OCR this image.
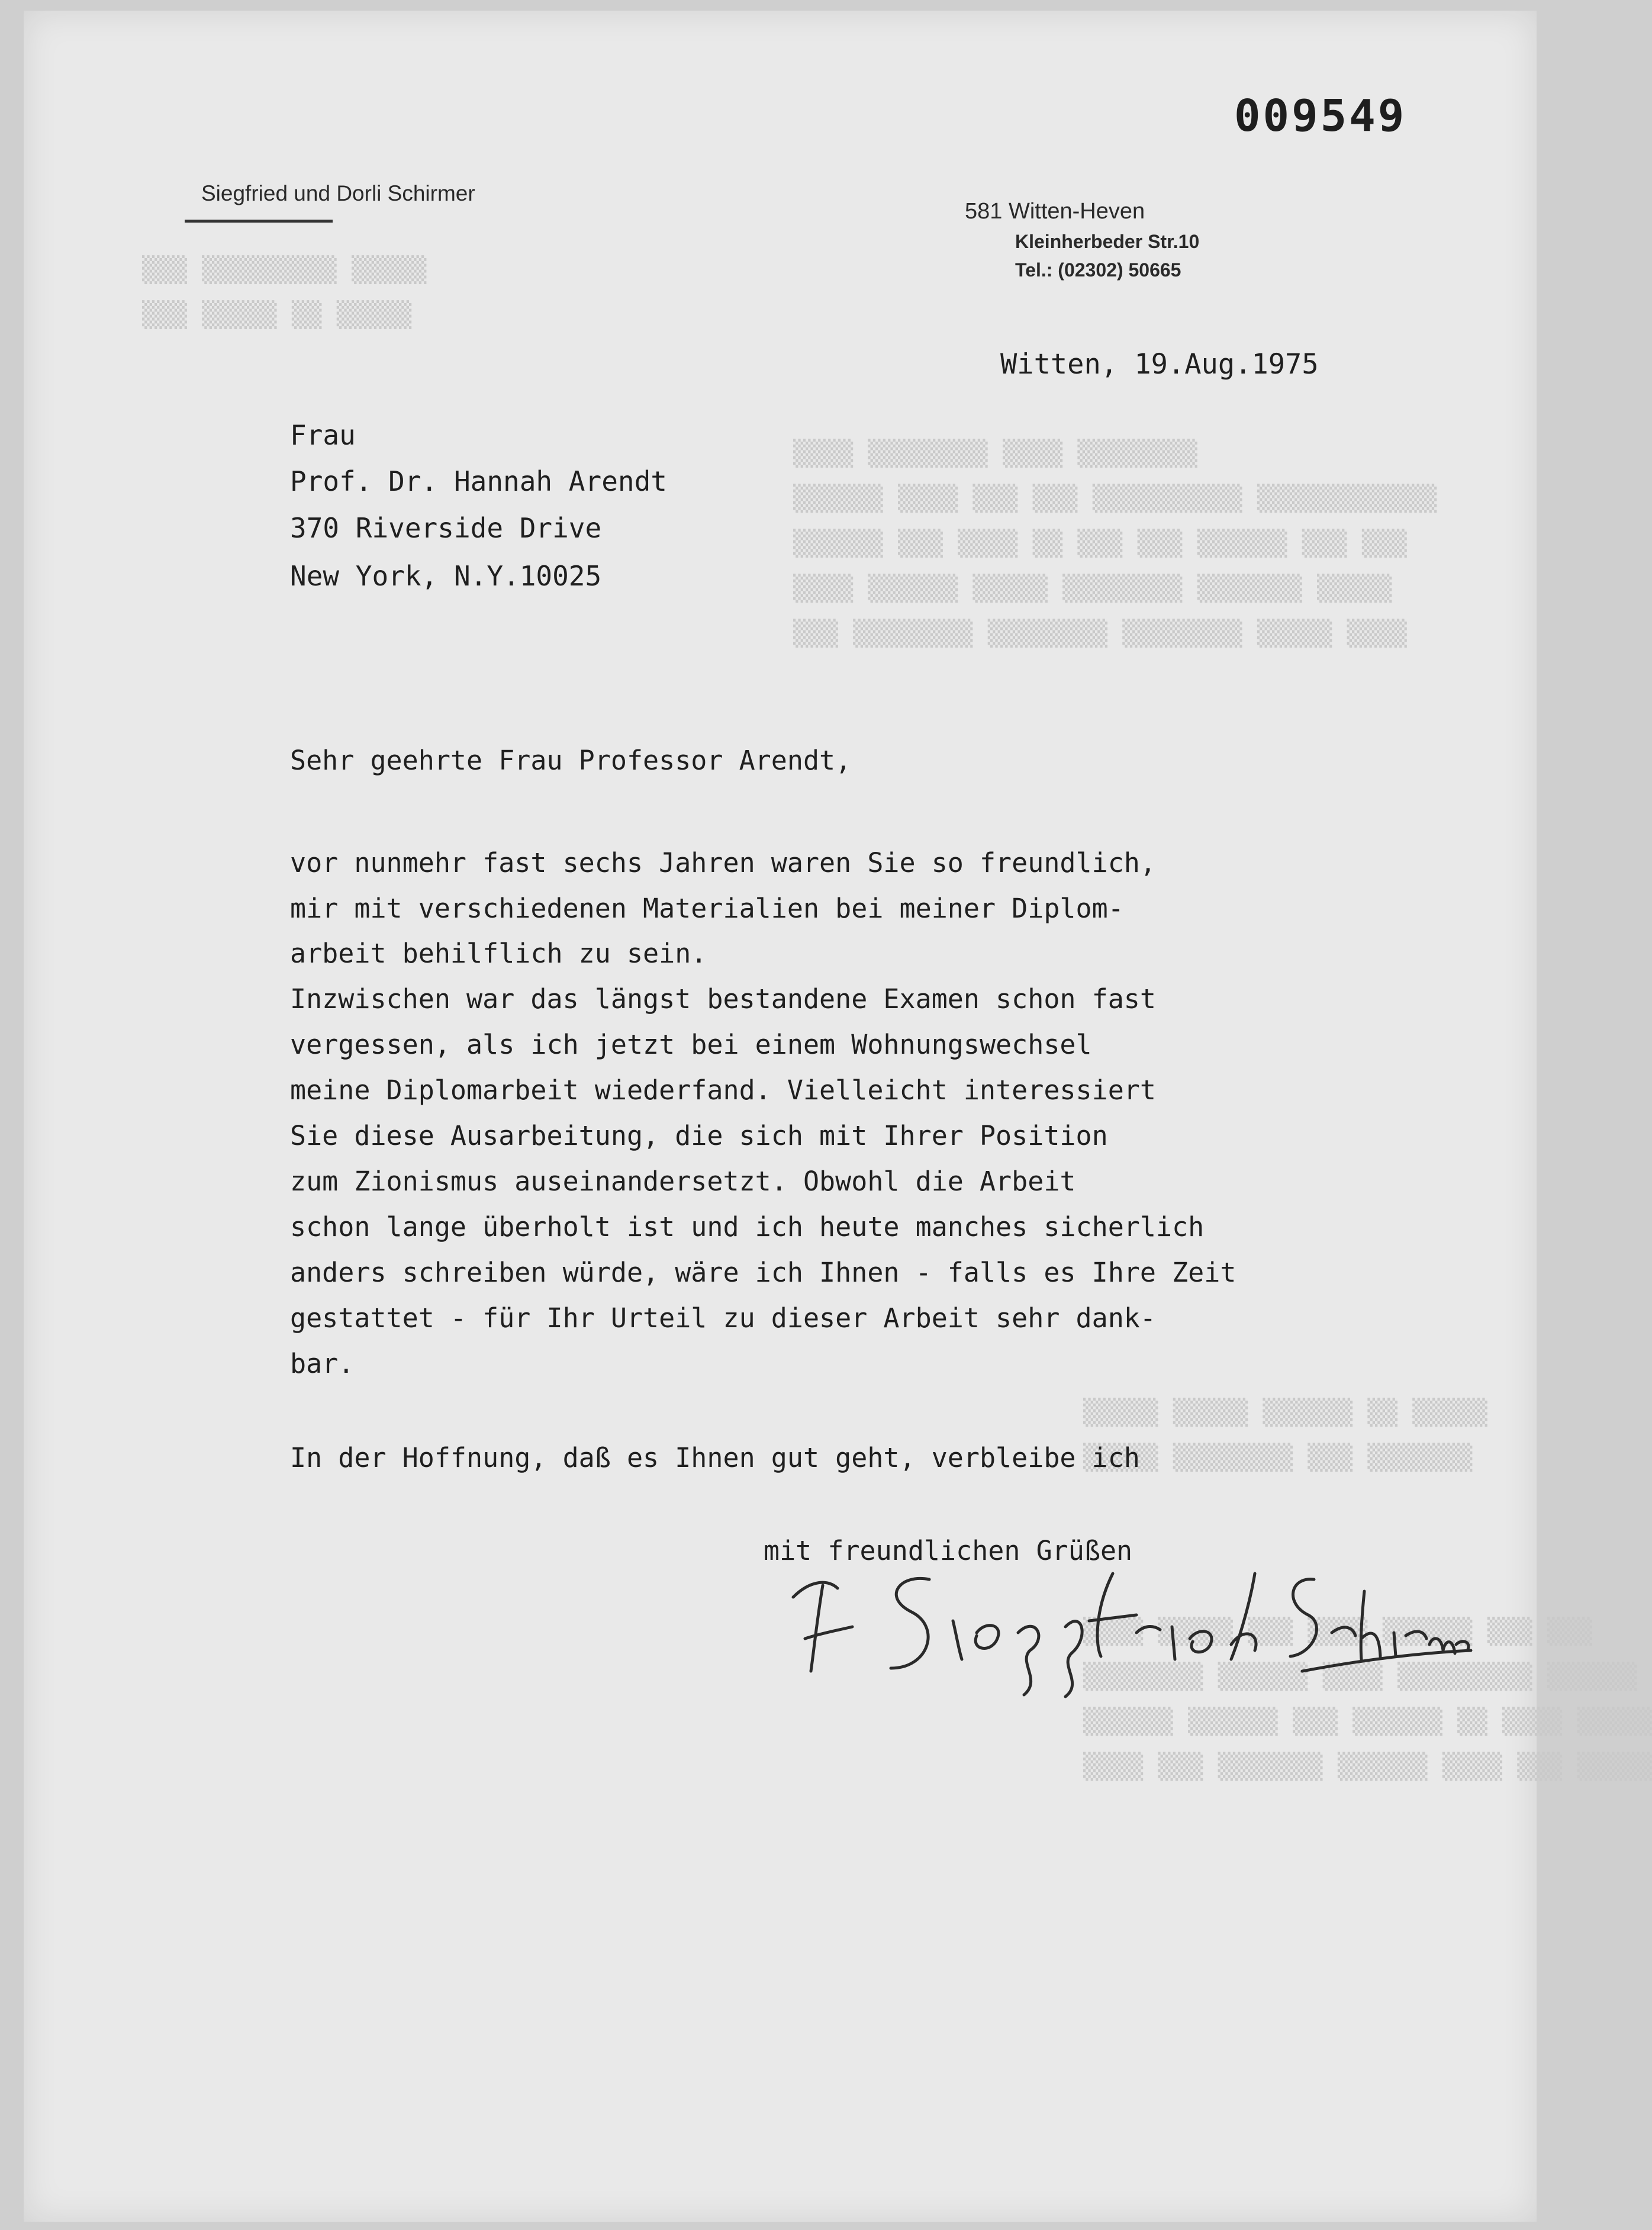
▒▒▒ ▒▒▒▒▒▒▒▒▒ ▒▒▒▒▒
▒▒▒ ▒▒▒▒▒ ▒▒ ▒▒▒▒▒
▒▒▒▒ ▒▒▒▒▒▒▒▒ ▒▒▒▒ ▒▒▒▒▒▒▒▒
▒▒▒▒▒▒ ▒▒▒▒ ▒▒▒ ▒▒▒ ▒▒▒▒▒▒▒▒▒▒ ▒▒▒▒▒▒▒▒▒▒▒▒
▒▒▒▒▒▒ ▒▒▒ ▒▒▒▒ ▒▒ ▒▒▒ ▒▒▒ ▒▒▒▒▒▒ ▒▒▒ ▒▒▒
▒▒▒▒ ▒▒▒▒▒▒ ▒▒▒▒▒ ▒▒▒▒▒▒▒▒ ▒▒▒▒▒▒▒ ▒▒▒▒▒
▒▒▒ ▒▒▒▒▒▒▒▒ ▒▒▒▒▒▒▒▒ ▒▒▒▒▒▒▒▒ ▒▒▒▒▒ ▒▒▒▒
▒▒▒▒▒ ▒▒▒▒▒ ▒▒▒▒▒▒ ▒▒ ▒▒▒▒▒
▒▒▒▒▒ ▒▒▒▒▒▒▒▒ ▒▒▒ ▒▒▒▒▒▒▒
▒▒▒▒ ▒▒▒▒▒ ▒▒▒ ▒▒▒▒ ▒▒▒▒▒▒ ▒▒▒ ▒▒▒
▒▒▒▒▒▒▒▒ ▒▒▒▒▒▒ ▒▒▒▒ ▒▒▒▒▒▒▒▒▒ ▒▒▒▒▒▒
▒▒▒▒▒▒ ▒▒▒▒▒▒ ▒▒▒ ▒▒▒▒▒▒ ▒▒ ▒▒▒▒ ▒▒▒▒▒
▒▒▒▒ ▒▒▒ ▒▒▒▒▒▒▒ ▒▒▒▒▒▒ ▒▒▒▒ ▒▒▒ ▒▒▒▒▒
009549
Siegfried und Dorli Schirmer
581 Witten-Heven
Kleinherbeder Str.10
Tel.: (02302) 50665
Witten, 19.Aug.1975
Frau
Prof. Dr. Hannah Arendt
370 Riverside Drive
New York, N.Y.10025
Sehr geehrte Frau Professor Arendt,
vor nunmehr fast sechs Jahren waren Sie so freundlich,
mir mit verschiedenen Materialien bei meiner Diplom-
arbeit behilflich zu sein.
Inzwischen war das längst bestandene Examen schon fast
vergessen, als ich jetzt bei einem Wohnungswechsel
meine Diplomarbeit wiederfand. Vielleicht interessiert
Sie diese Ausarbeitung, die sich mit Ihrer Position
zum Zionismus auseinandersetzt. Obwohl die Arbeit
schon lange überholt ist und ich heute manches sicherlich
anders schreiben würde, wäre ich Ihnen - falls es Ihre Zeit
gestattet - für Ihr Urteil zu dieser Arbeit sehr dank-
bar.
In der Hoffnung, daß es Ihnen gut geht, verbleibe ich
mit freundlichen Grüßen
